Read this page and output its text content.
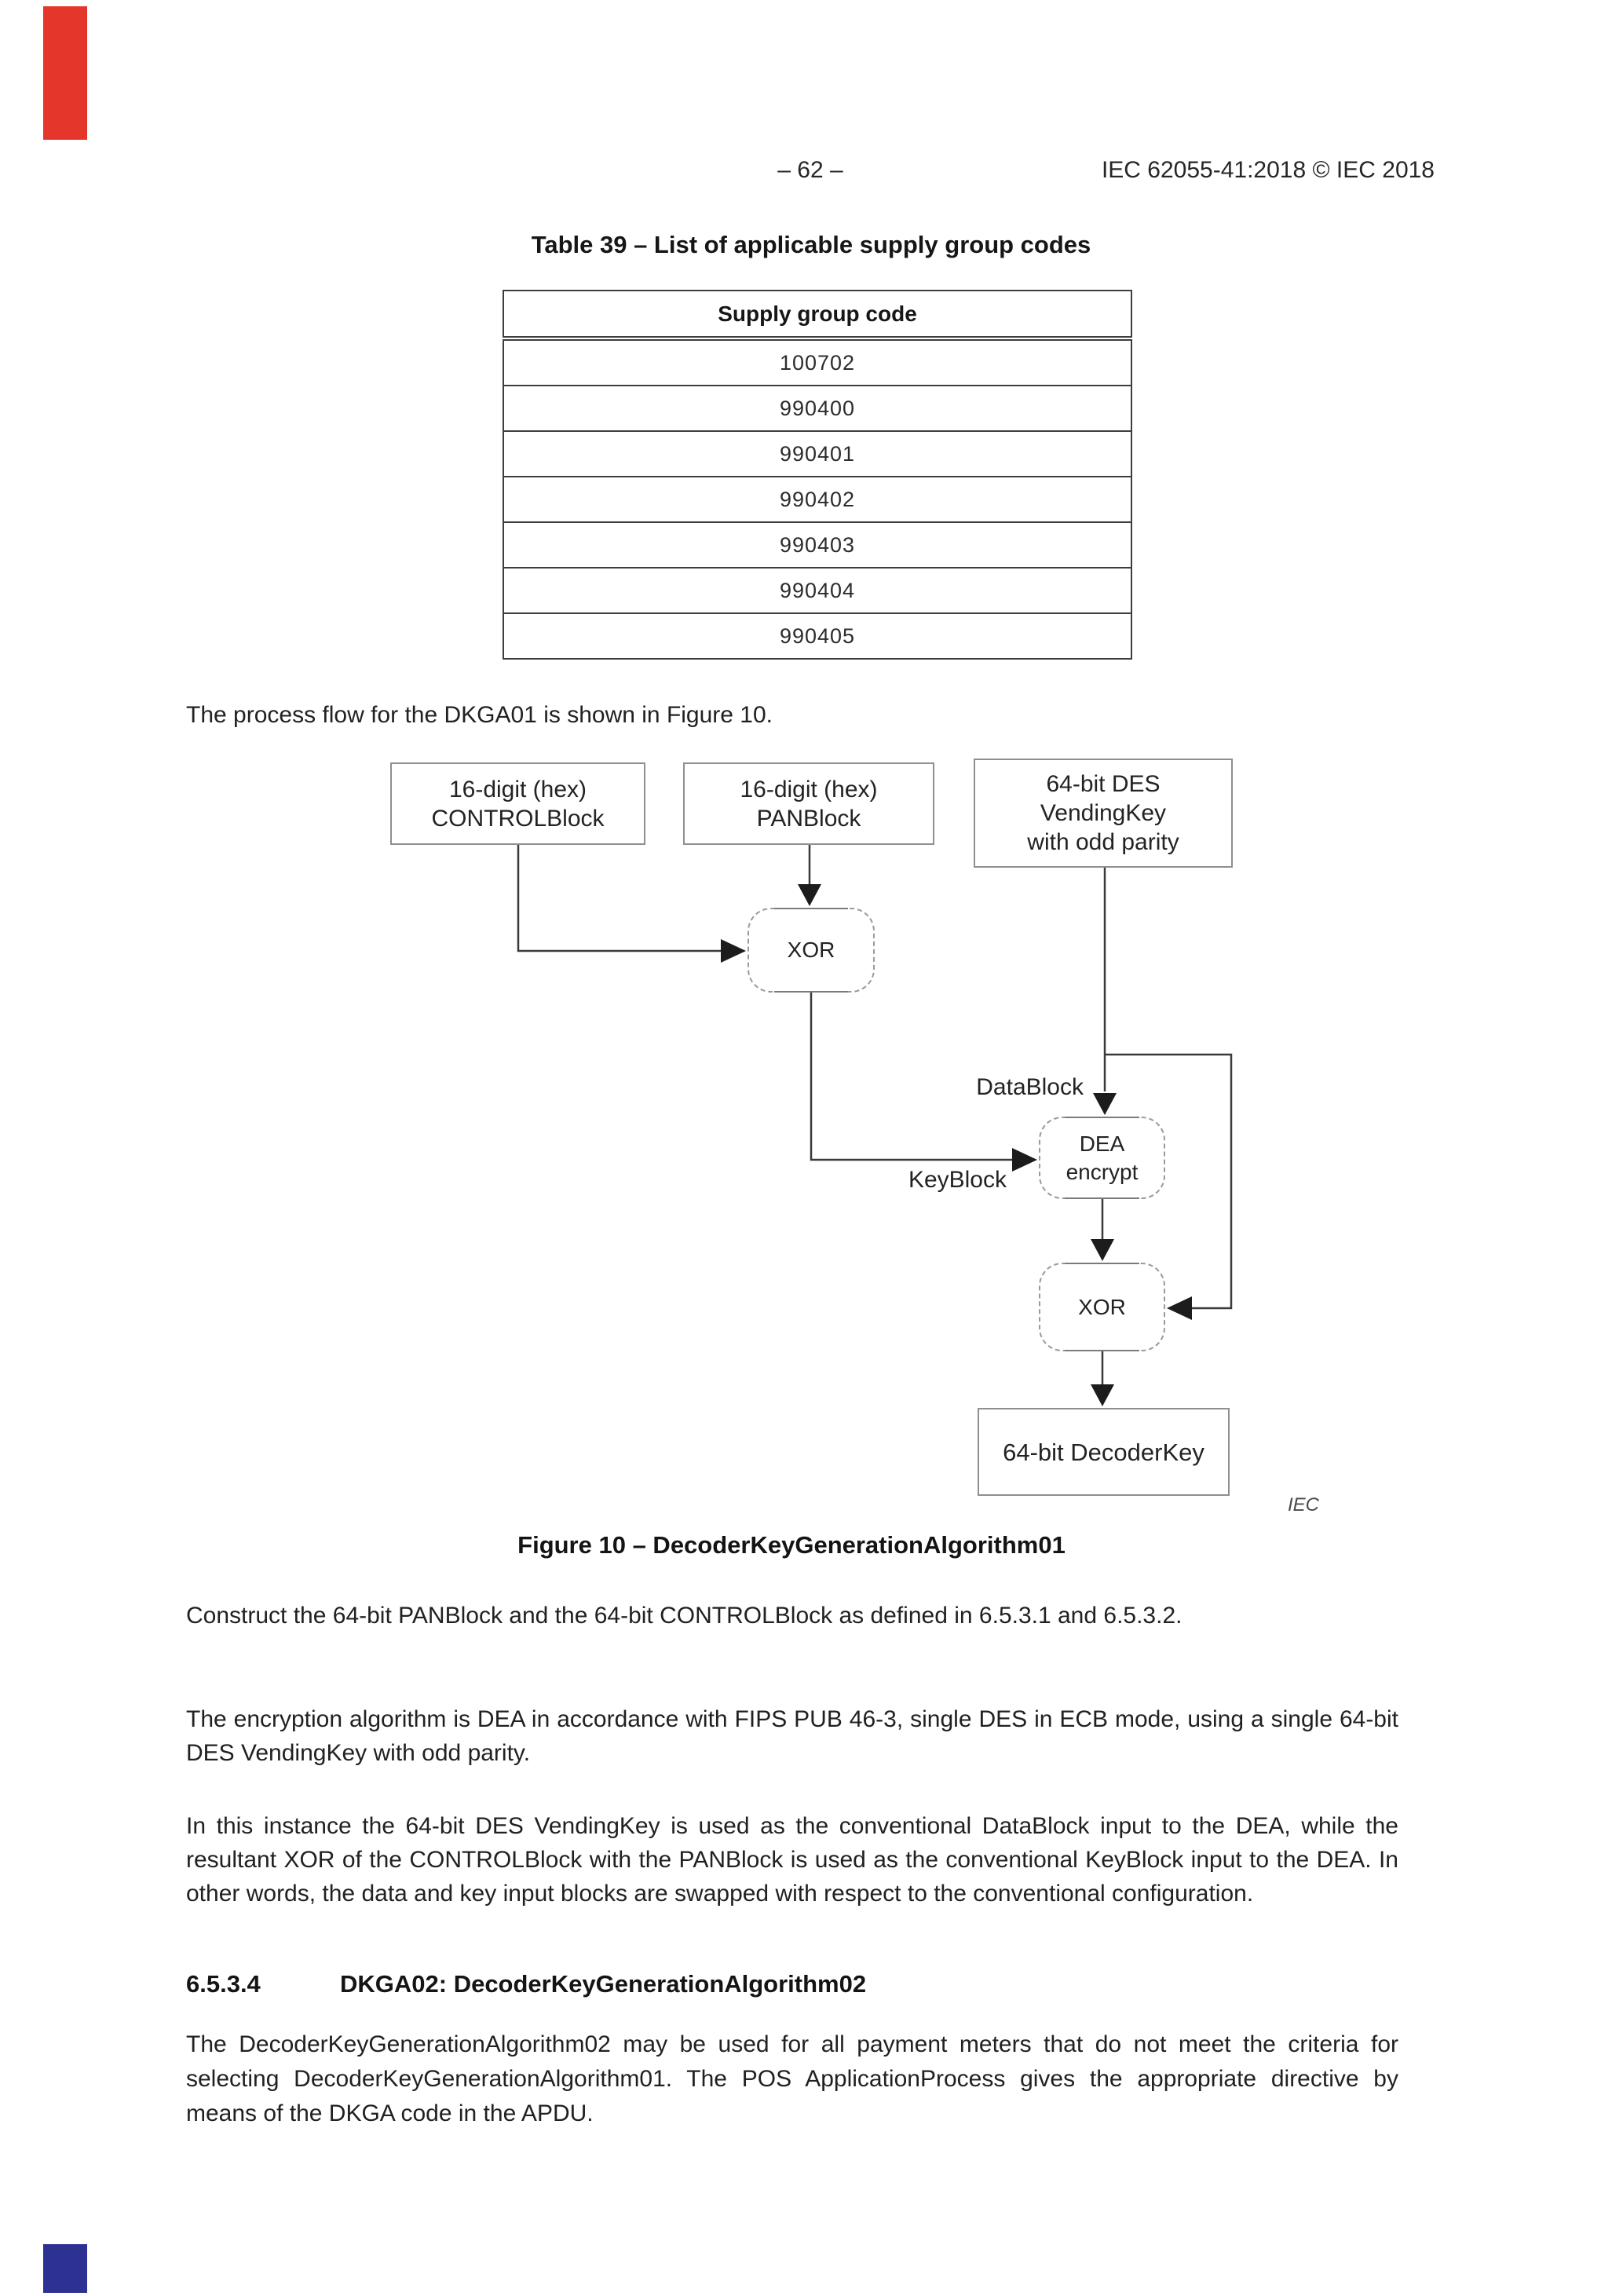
– 62 –	IEC 62055-41:2018 © IEC 2018
Table 39 – List of applicable supply group codes
Supply group code
100702
990400
990401
990402
990403
990404
990405
The process flow for the DKGA01 is shown in Figure 10.
16-digit (hex)
CONTROLBlock
16-digit (hex)
PANBlock
64-bit DES
VendingKey
with odd parity
XOR
DataBlock
KeyBlock
DEA
encrypt
XOR
64-bit DecoderKey
IEC
Figure 10 – DecoderKeyGenerationAlgorithm01
Construct the 64-bit PANBlock and the 64-bit CONTROLBlock as defined in 6.5.3.1 and 6.5.3.2.
The encryption algorithm is DEA in accordance with FIPS PUB 46-3, single DES in ECB mode, using a single 64-bit DES VendingKey with odd parity.
In this instance the 64-bit DES VendingKey is used as the conventional DataBlock input to the DEA, while the resultant XOR of the CONTROLBlock with the PANBlock is used as the conventional KeyBlock input to the DEA. In other words, the data and key input blocks are swapped with respect to the conventional configuration.
6.5.3.4	DKGA02: DecoderKeyGenerationAlgorithm02
The DecoderKeyGenerationAlgorithm02 may be used for all payment meters that do not meet the criteria for selecting DecoderKeyGenerationAlgorithm01. The POS ApplicationProcess gives the appropriate directive by means of the DKGA code in the APDU.
